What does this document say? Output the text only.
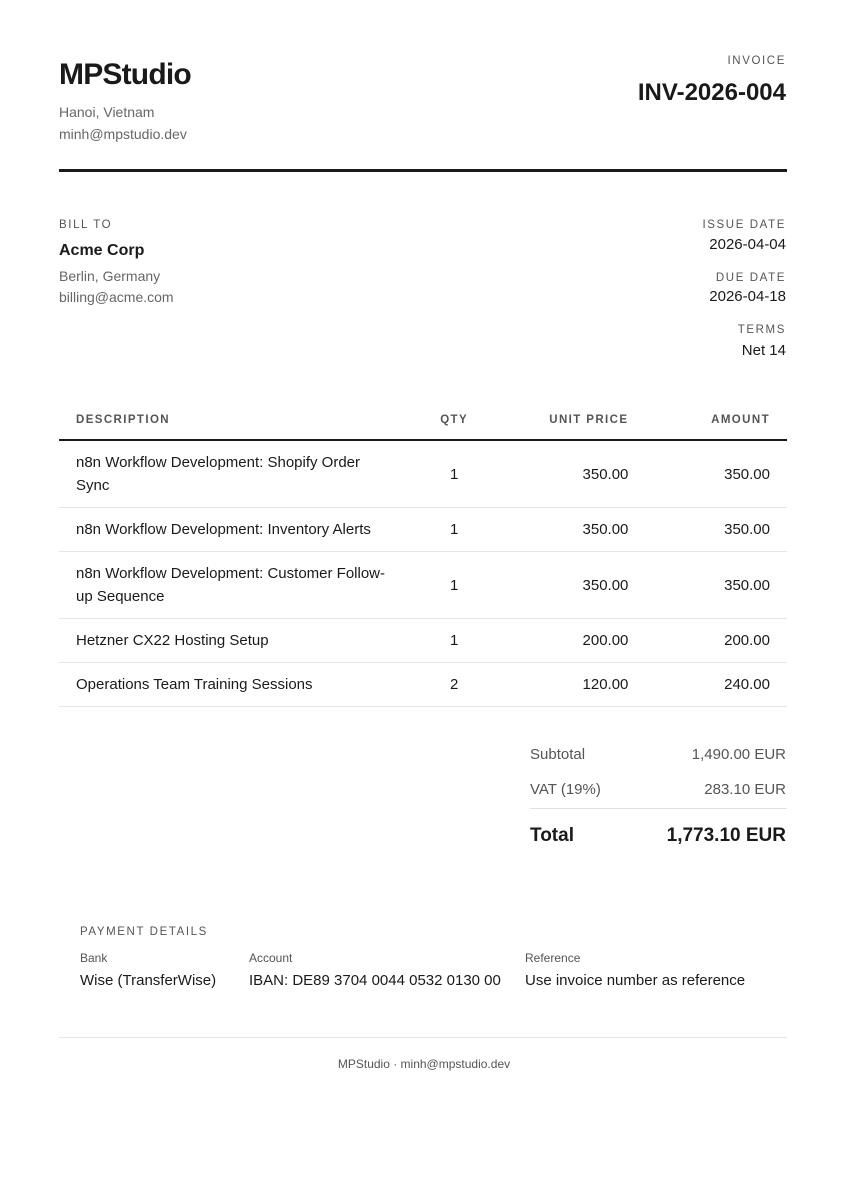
MPStudio
Hanoi, Vietnam
minh@mpstudio.dev
INVOICE
INV-2026-004
BILL TO
Acme Corp
Berlin, Germany
billing@acme.com
ISSUE DATE
2026-04-04
DUE DATE
2026-04-18
TERMS
Net 14
DESCRIPTION	QTY	UNIT PRICE	AMOUNT
n8n Workflow Development: Shopify Order Sync	1	350.00	350.00
n8n Workflow Development: Inventory Alerts	1	350.00	350.00
n8n Workflow Development: Customer Follow-up Sequence	1	350.00	350.00
Hetzner CX22 Hosting Setup	1	200.00	200.00
Operations Team Training Sessions	2	120.00	240.00
Subtotal	1,490.00 EUR
VAT (19%)	283.10 EUR
Total	1,773.10 EUR
PAYMENT DETAILS
Bank
Wise (TransferWise)
Account
IBAN: DE89 3704 0044 0532 0130 00
Reference
Use invoice number as reference
MPStudio · minh@mpstudio.dev
